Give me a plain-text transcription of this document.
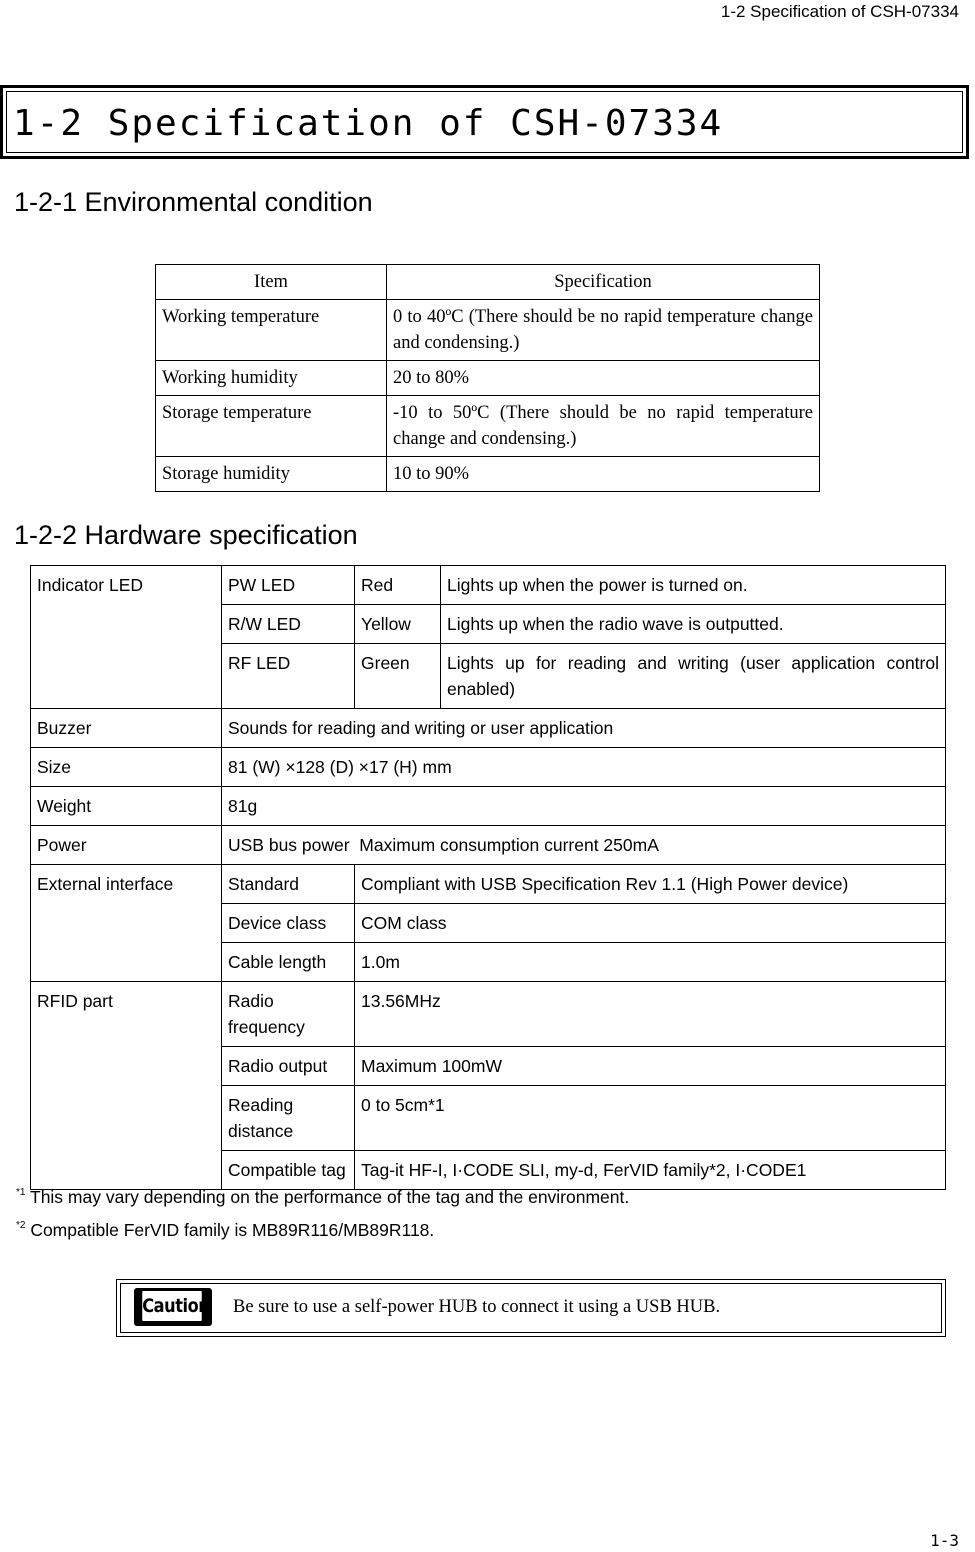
1-2 Specification of CSH-07334
1-2 Specification of CSH-07334
1-2-1 Environmental condition
Item	Specification
Working temperature	0 to 40ºC (There should be no rapid temperature change and condensing.)
Working humidity	20 to 80%
Storage temperature	-10 to 50ºC (There should be no rapid temperature change and condensing.)
Storage humidity	10 to 90%
1-2-2 Hardware specification
Indicator LED	PW LED	Red	Lights up when the power is turned on.
	R/W LED	Yellow	Lights up when the radio wave is outputted.
	RF LED	Green	Lights up for reading and writing (user application control enabled)
Buzzer	Sounds for reading and writing or user application		
Size	81 (W) ×128 (D) ×17 (H) mm		
Weight	81g		
Power	USB bus power  Maximum consumption current 250mA		
External interface	Standard	Compliant with USB Specification Rev 1.1 (High Power device)	
	Device class	COM class	
	Cable length	1.0m	
RFID part	Radio frequency	13.56MHz	
	Radio output	Maximum 100mW	
	Reading distance	0 to 5cm*1	
	Compatible tag	Tag-it HF-I, I·CODE SLI, my-d, FerVID family*2, I·CODE1	
$^{*1}$ This may vary depending on the performance of the tag and the environment.
$^{*2}$ Compatible FerVID family is MB89R116/MB89R118.
Caution Be sure to use a self-power HUB to connect it using a USB HUB.
1-3
